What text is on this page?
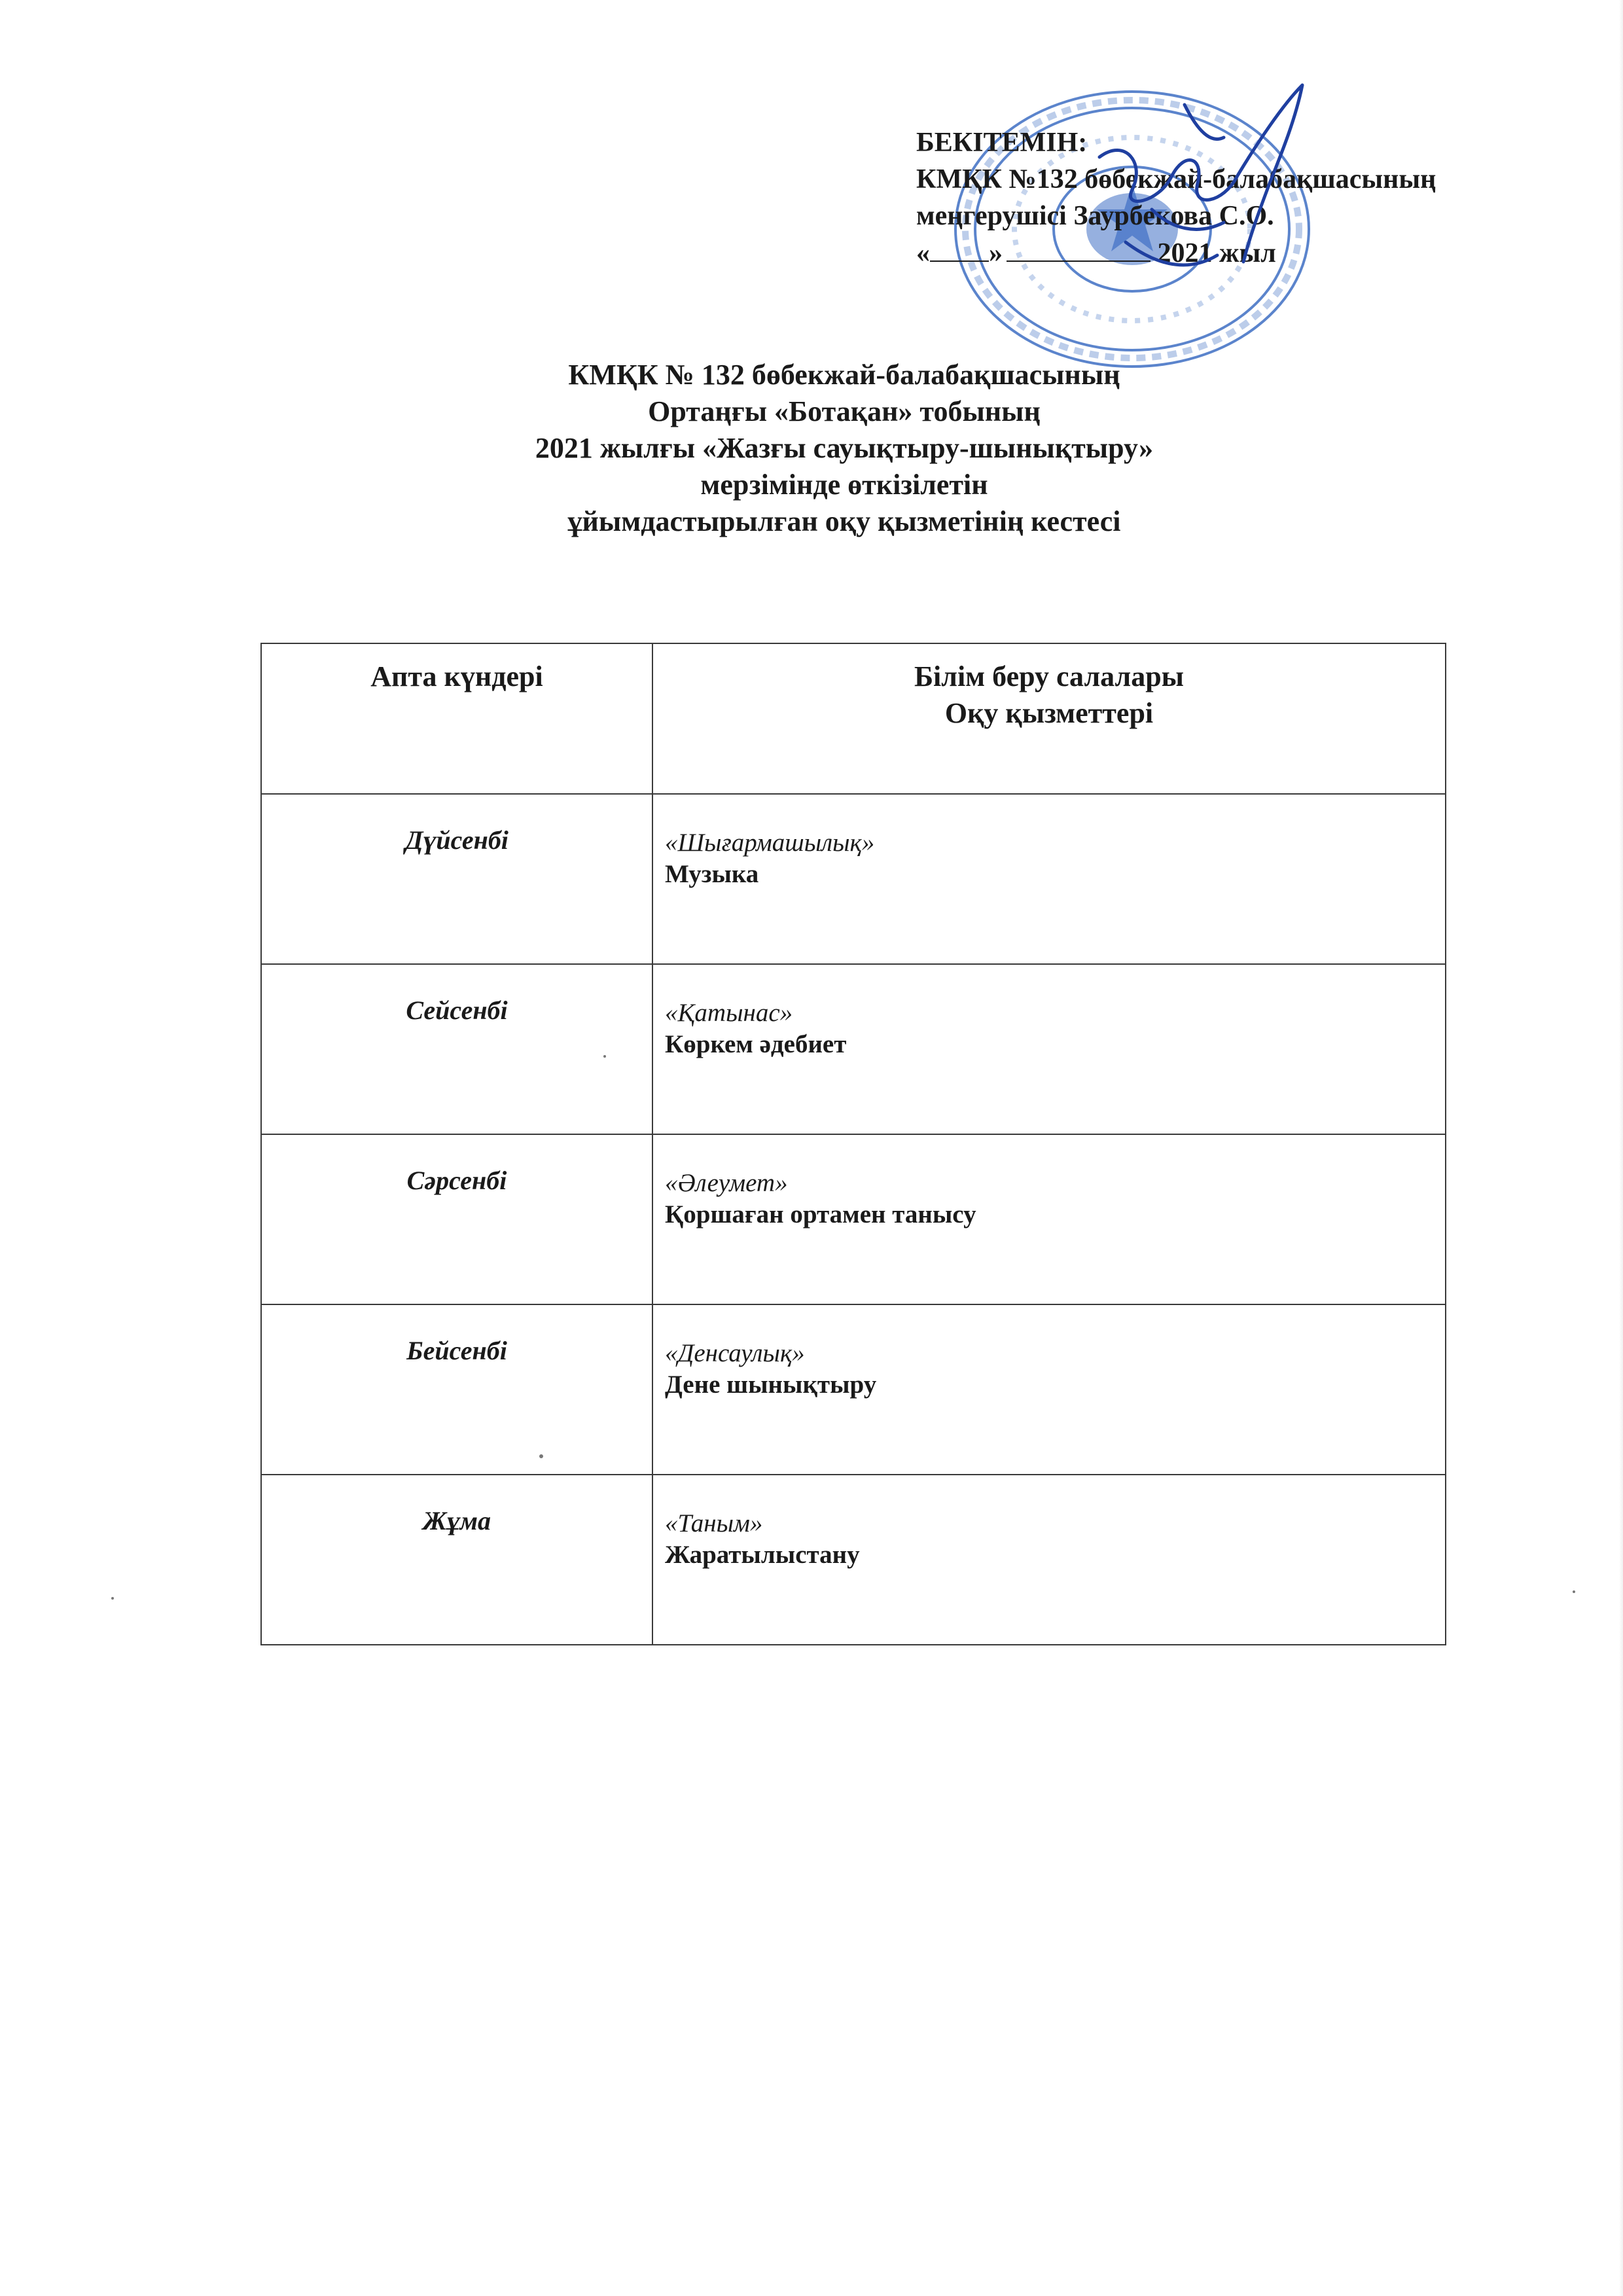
БЕКІТЕМІН:
КМҚК №132 бөбекжай-балабақшасының
меңгерушісі Заурбекова С.О.
« »	2021 жыл
КМҚК № 132 бөбекжай-балабақшасының
Ортаңғы «Ботақан» тобының
2021 жылғы «Жазғы сауықтыру-шынықтыру»
мерзімінде өткізілетін
ұйымдастырылған оқу қызметінің кестесі
Апта күндері	Білім беру салалары
Оқу қызметтері

Дүйсенбі	«Шығармашылық»
Музыка

Сейсенбі	«Қатынас»
Көркем әдебиет

Сәрсенбі	«Әлеумет»
Қоршаған ортамен танысу

Бейсенбі	«Денсаулық»
Дене шынықтыру

Жұма	«Таным»
Жаратылыстану
